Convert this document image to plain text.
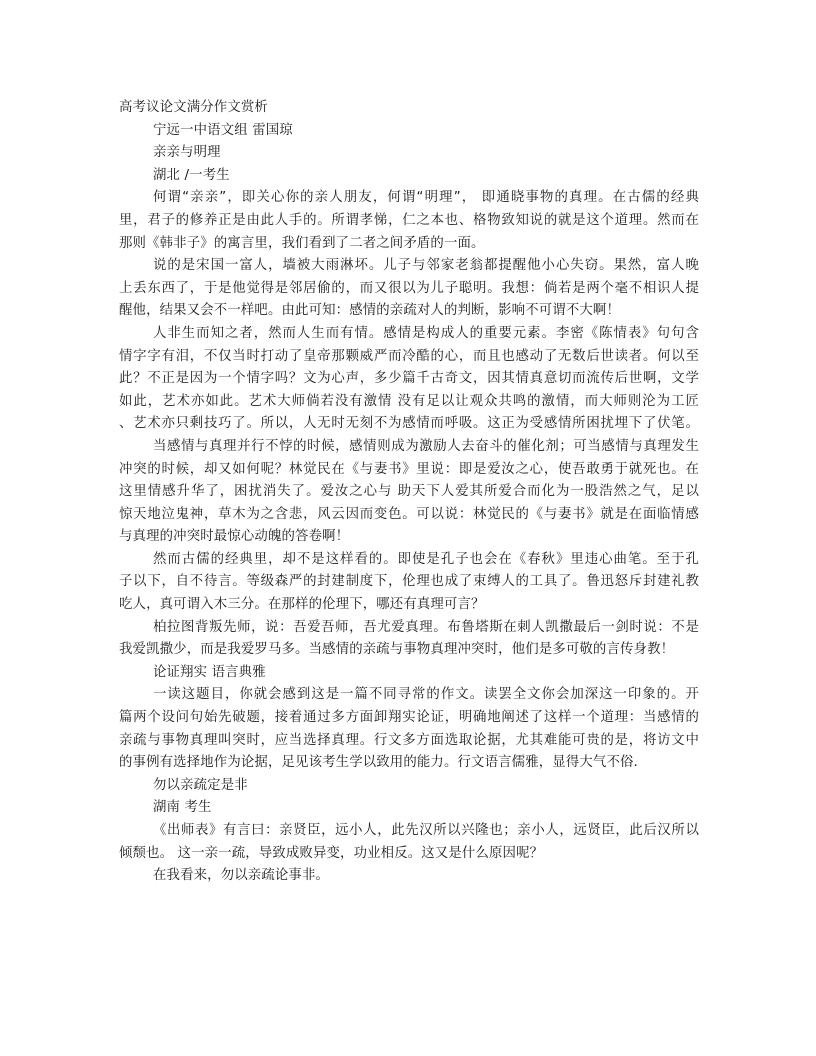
高考议论文满分作文赏析
宁远一中语文组 雷国琼
亲亲与明理
湖北 /一考生
何谓“亲亲”，即关心你的亲人朋友，何谓“明理”， 即通晓事物的真理。在古儒的经典
里，君子的修养正是由此人手的。所谓孝悌，仁之本也、格物致知说的就是这个道理。然而在
那则《韩非子》的寓言里，我们看到了二者之间矛盾的一面。
说的是宋国一富人，墙被大雨淋坏。儿子与邻家老翁都提醒他小心失窃。果然，富人晚
上丢东西了，于是他觉得是邻居偷的，而又很以为儿子聪明。我想：倘若是两个毫不相识人提
醒他，结果又会不一样吧。由此可知：感情的亲疏对人的判断，影响不可谓不大啊！
人非生而知之者，然而人生而有情。感情是构成人的重要元素。李密《陈情表》句句含
情字字有泪，不仅当时打动了皇帝那颗威严而冷酷的心，而且也感动了无数后世读者。何以至
此？不正是因为一个情字吗？文为心声，多少篇千古奇文，因其情真意切而流传后世啊，文学
如此，艺术亦如此。艺术大师倘若没有激情 没有足以让观众共鸣的激情，而大师则沦为工匠
、艺术亦只剩技巧了。所以，人无时无刻不为感情而呼吸。这正为受感情所困扰埋下了伏笔。
当感情与真理并行不悖的时候，感情则成为激励人去奋斗的催化剂；可当感情与真理发生
冲突的时候，却又如何呢？林觉民在《与妻书》里说：即是爱汝之心，使吾敢勇于就死也。在
这里情感升华了，困扰消失了。爱汝之心与 助天下人爱其所爱合而化为一股浩然之气，足以
惊天地泣鬼神，草木为之含悲，风云因而变色。可以说：林觉民的《与妻书》就是在面临情感
与真理的冲突时最惊心动魄的答卷啊！
然而古儒的经典里，却不是这样看的。即使是孔子也会在《春秋》里违心曲笔。至于孔
子以下，自不待言。等级森严的封建制度下，伦理也成了束缚人的工具了。鲁迅怒斥封建礼教
吃人，真可谓入木三分。在那样的伦理下，哪还有真理可言？
柏拉图背叛先师，说：吾爱吾师，吾尤爱真理。布鲁塔斯在刺人凯撒最后一剑时说：不是
我爱凯撒少，而是我爱罗马多。当感情的亲疏与事物真理冲突时，他们是多可敬的言传身教！
论证翔实 语言典雅
一读这题目，你就会感到这是一篇不同寻常的作文。读罢全文你会加深这一印象的。开
篇两个设问句始先破题，接着通过多方面卸翔实论证，明确地阐述了这样一个道理：当感情的
亲疏与事物真理叫突时，应当选择真理。行文多方面选取论据，尤其难能可贵的是，将访文中
的事例有选择地作为论据，足见该考生学以致用的能力。行文语言儒雅，显得大气不俗.
勿以亲疏定是非
湖南 考生
《出师表》有言曰：亲贤臣，远小人，此先汉所以兴隆也；亲小人，远贤臣，此后汉所以
倾颓也。 这一亲一疏，导致成败异变，功业相反。这又是什么原因呢？
在我看来，勿以亲疏论事非。
